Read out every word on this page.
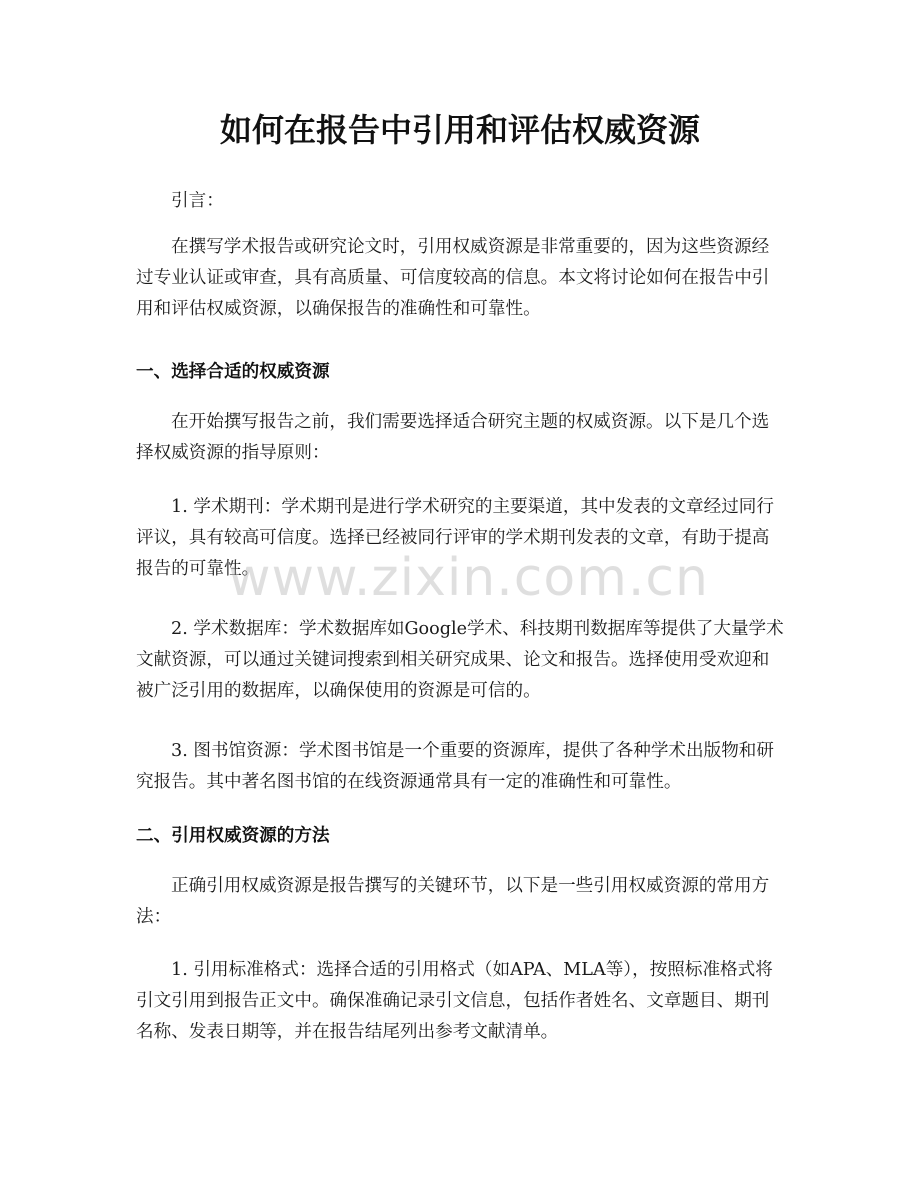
如何在报告中引用和评估权威资源

引言：

在撰写学术报告或研究论文时，引用权威资源是非常重要的，因为这些资源经过专业认证或审查，具有高质量、可信度较高的信息。本文将讨论如何在报告中引用和评估权威资源，以确保报告的准确性和可靠性。

一、选择合适的权威资源

在开始撰写报告之前，我们需要选择适合研究主题的权威资源。以下是几个选择权威资源的指导原则：

1. 学术期刊：学术期刊是进行学术研究的主要渠道，其中发表的文章经过同行评议，具有较高可信度。选择已经被同行评审的学术期刊发表的文章，有助于提高报告的可靠性。

2. 学术数据库：学术数据库如Google学术、科技期刊数据库等提供了大量学术文献资源，可以通过关键词搜索到相关研究成果、论文和报告。选择使用受欢迎和被广泛引用的数据库，以确保使用的资源是可信的。

3. 图书馆资源：学术图书馆是一个重要的资源库，提供了各种学术出版物和研究报告。其中著名图书馆的在线资源通常具有一定的准确性和可靠性。

二、引用权威资源的方法

正确引用权威资源是报告撰写的关键环节，以下是一些引用权威资源的常用方法：

1. 引用标准格式：选择合适的引用格式（如APA、MLA等），按照标准格式将引文引用到报告正文中。确保准确记录引文信息，包括作者姓名、文章题目、期刊名称、发表日期等，并在报告结尾列出参考文献清单。

www.zixin.com.cn
